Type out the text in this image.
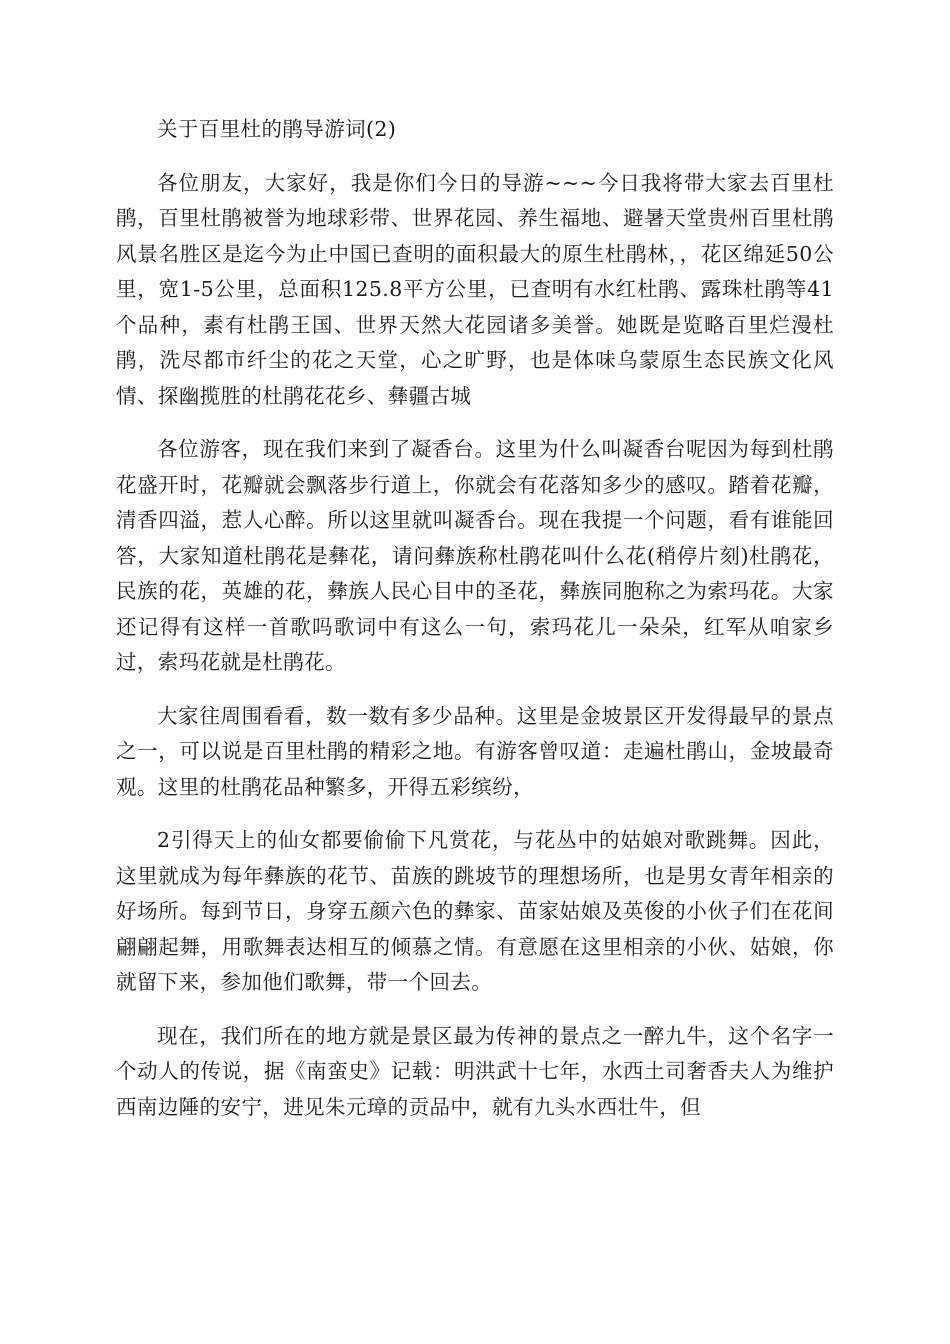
关于百里杜的鹃导游词(2)

各位朋友，大家好，我是你们今日的导游~~~今日我将带大家去百里杜鹃，百里杜鹃被誉为地球彩带、世界花园、养生福地、避暑天堂贵州百里杜鹃风景名胜区是迄今为止中国已查明的面积最大的原生杜鹃林，，花区绵延50公里，宽1-5公里，总面积125.8平方公里，已查明有水红杜鹃、露珠杜鹃等41个品种，素有杜鹃王国、世界天然大花园诸多美誉。她既是览略百里烂漫杜鹃，洗尽都市纤尘的花之天堂，心之旷野，也是体味乌蒙原生态民族文化风情、探幽揽胜的杜鹃花花乡、彝疆古城

各位游客，现在我们来到了凝香台。这里为什么叫凝香台呢因为每到杜鹃花盛开时，花瓣就会飘落步行道上，你就会有花落知多少的感叹。踏着花瓣，清香四溢，惹人心醉。所以这里就叫凝香台。现在我提一个问题，看有谁能回答，大家知道杜鹃花是彝花，请问彝族称杜鹃花叫什么花(稍停片刻)杜鹃花，民族的花，英雄的花，彝族人民心目中的圣花，彝族同胞称之为索玛花。大家还记得有这样一首歌吗歌词中有这么一句，索玛花儿一朵朵，红军从咱家乡过，索玛花就是杜鹃花。

大家往周围看看，数一数有多少品种。这里是金坡景区开发得最早的景点之一，可以说是百里杜鹃的精彩之地。有游客曾叹道：走遍杜鹃山，金坡最奇观。这里的杜鹃花品种繁多，开得五彩缤纷，

2引得天上的仙女都要偷偷下凡赏花，与花丛中的姑娘对歌跳舞。因此，这里就成为每年彝族的花节、苗族的跳坡节的理想场所，也是男女青年相亲的好场所。每到节日，身穿五颜六色的彝家、苗家姑娘及英俊的小伙子们在花间翩翩起舞，用歌舞表达相互的倾慕之情。有意愿在这里相亲的小伙、姑娘，你就留下来，参加他们歌舞，带一个回去。

现在，我们所在的地方就是景区最为传神的景点之一醉九牛，这个名字一个动人的传说，据《南蛮史》记载：明洪武十七年，水西土司奢香夫人为维护西南边陲的安宁，进见朱元璋的贡品中，就有九头水西壮牛，但
